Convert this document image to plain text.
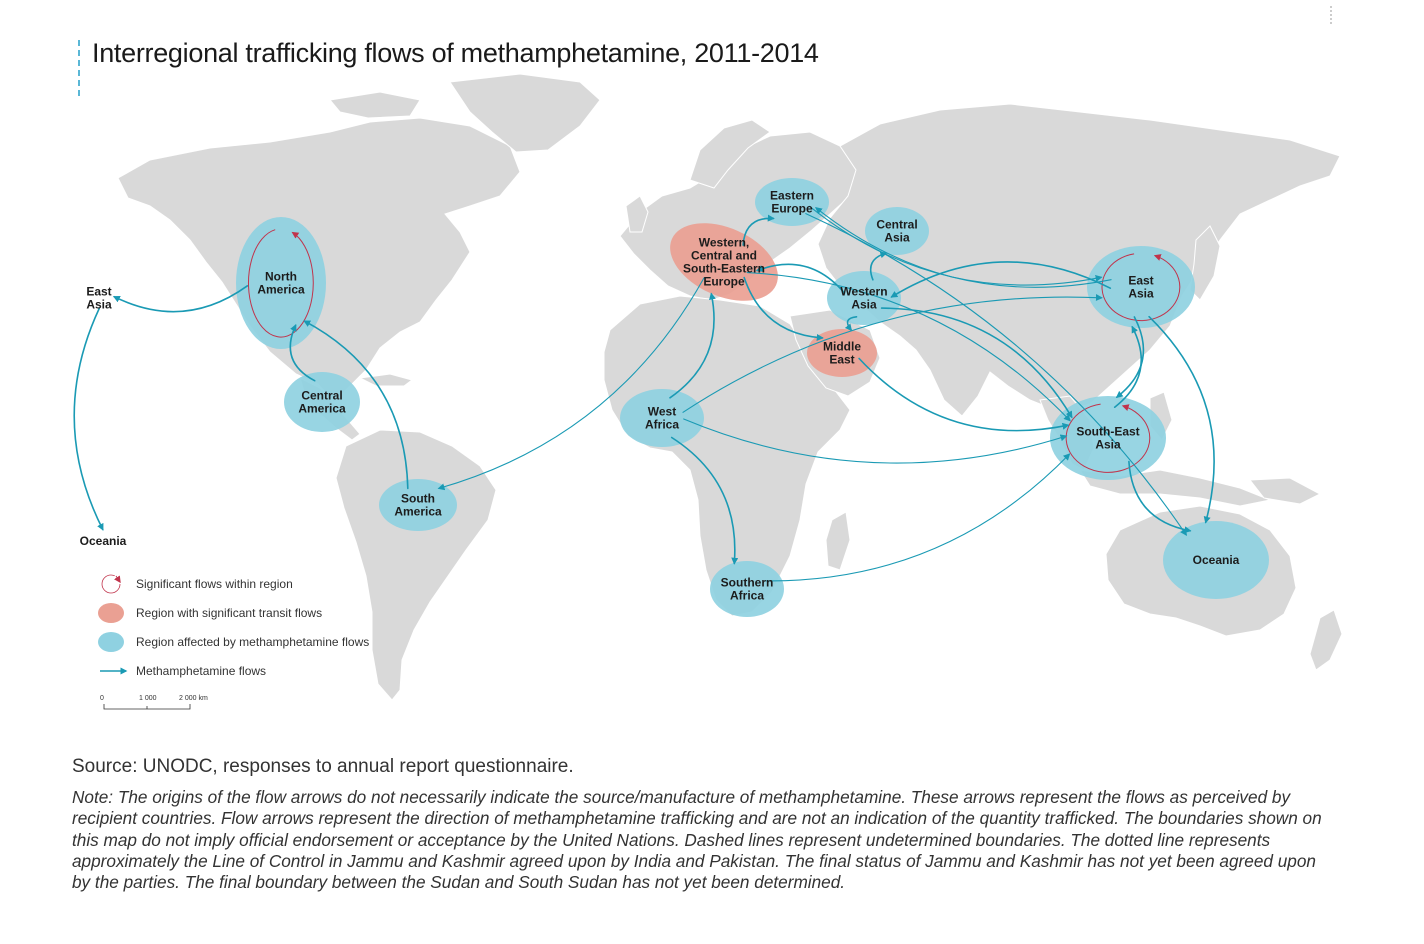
Interregional trafficking flows of methamphetamine, 2011-2014
North America
Central America
South America
West Africa
Southern Africa
Western, Central and South-Eastern Europe
Eastern Europe
Central Asia
Western Asia
Middle East
East Asia
South-East Asia
Oceania
East Asia
Oceania
Significant flows within region
Region with significant transit flows
Region affected by methamphetamine flows
Methamphetamine flows
0	1 000	2 000 km
Source: UNODC, responses to annual report questionnaire.
Note: The origins of the flow arrows do not necessarily indicate the source/manufacture of methamphetamine. These arrows represent the flows as perceived by recipient countries. Flow arrows represent the direction of methamphetamine trafficking and are not an indication of the quantity trafficked. The boundaries shown on this map do not imply official endorsement or acceptance by the United Nations. Dashed lines represent undetermined boundaries. The dotted line represents approximately the Line of Control in Jammu and Kashmir agreed upon by India and Pakistan. The final status of Jammu and Kashmir has not yet been agreed upon by the parties. The final boundary between the Sudan and South Sudan has not yet been determined.
